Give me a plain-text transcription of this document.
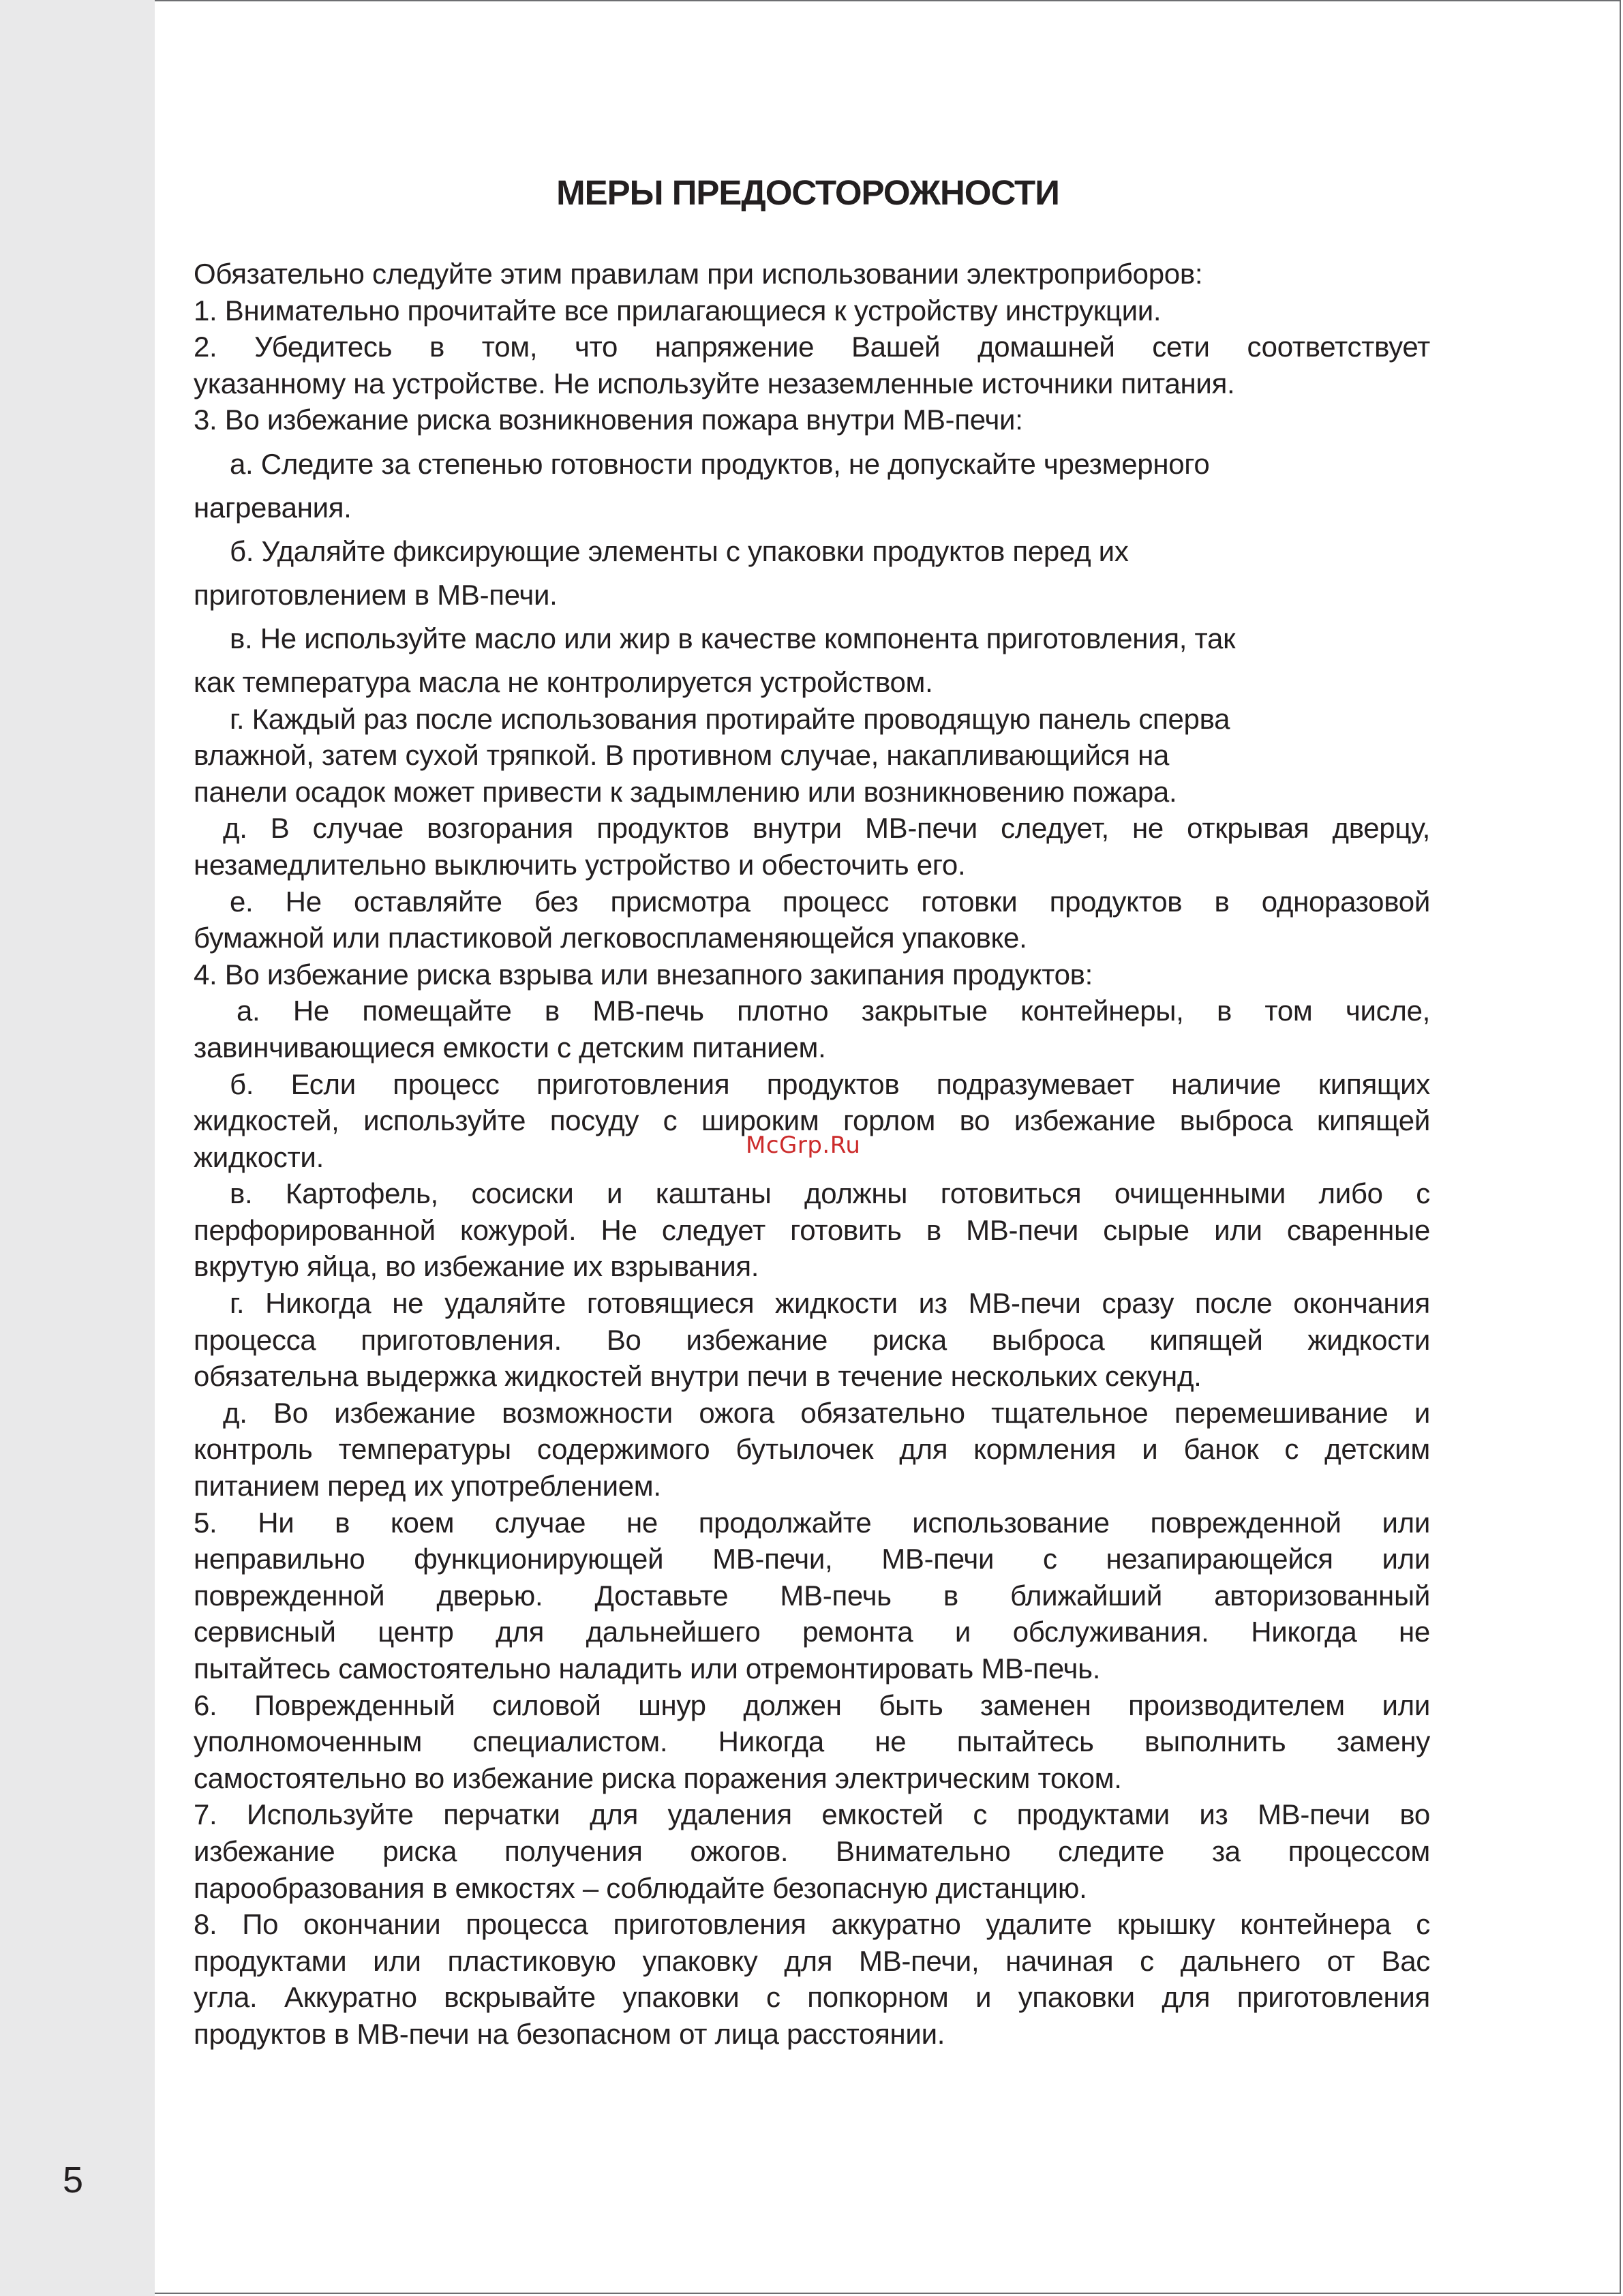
5
МЕРЫ ПРЕДОСТОРОЖНОСТИ
Обязательно следуйте этим правилам при использовании электроприборов:
1. Внимательно прочитайте все прилагающиеся к устройству инструкции.
2. Убедитесь в том, что напряжение Вашей домашней сети соответствует
указанному на устройстве. Не используйте незаземленные источники питания.
3. Во избежание риска возникновения пожара внутри МВ-печи:
а. Следите за степенью готовности продуктов, не допускайте чрезмерного
нагревания.
б. Удаляйте фиксирующие элементы с упаковки продуктов перед их
приготовлением в МВ-печи.
в. Не используйте масло или жир в качестве компонента приготовления, так
как температура масла не контролируется устройством.
г. Каждый раз после использования протирайте проводящую панель сперва
влажной, затем сухой тряпкой. В противном случае, накапливающийся на
панели осадок может привести к задымлению или возникновению пожара.
д. В случае возгорания продуктов внутри МВ-печи следует, не открывая дверцу,
незамедлительно выключить устройство и обесточить его.
е. Не оставляйте без присмотра процесс готовки продуктов в одноразовой
бумажной или пластиковой легковоспламеняющейся упаковке.
4. Во избежание риска взрыва или внезапного закипания продуктов:
а. Не помещайте в МВ-печь плотно закрытые контейнеры, в том числе,
завинчивающиеся емкости с детским питанием.
б. Если процесс приготовления продуктов подразумевает наличие кипящих
жидкостей, используйте посуду с широким горлом во избежание выброса кипящей
жидкости.
в. Картофель, сосиски и каштаны должны готовиться очищенными либо с
перфорированной кожурой. Не следует готовить в МВ-печи сырые или сваренные
вкрутую яйца, во избежание их взрывания.
г. Никогда не удаляйте готовящиеся жидкости из МВ-печи сразу после окончания
процесса приготовления. Во избежание риска выброса кипящей жидкости
обязательна выдержка жидкостей внутри печи в течение нескольких секунд.
д. Во избежание возможности ожога обязательно тщательное перемешивание и
контроль температуры содержимого бутылочек для кормления и банок с детским
питанием перед их употреблением.
5. Ни в коем случае не продолжайте использование поврежденной или
неправильно функционирующей МВ-печи, МВ-печи с незапирающейся или
поврежденной дверью. Доставьте МВ-печь в ближайший авторизованный
сервисный центр для дальнейшего ремонта и обслуживания. Никогда не
пытайтесь самостоятельно наладить или отремонтировать МВ-печь.
6. Поврежденный силовой шнур должен быть заменен производителем или
уполномоченным специалистом. Никогда не пытайтесь выполнить замену
самостоятельно во избежание риска поражения электрическим током.
7. Используйте перчатки для удаления емкостей с продуктами из МВ-печи во
избежание риска получения ожогов. Внимательно следите за процессом
парообразования в емкостях – соблюдайте безопасную дистанцию.
8. По окончании процесса приготовления аккуратно удалите крышку контейнера с
продуктами или пластиковую упаковку для МВ-печи, начиная с дальнего от Вас
угла. Аккуратно вскрывайте упаковки с попкорном и упаковки для приготовления
продуктов в МВ-печи на безопасном от лица расстоянии.
McGrp.Ru
